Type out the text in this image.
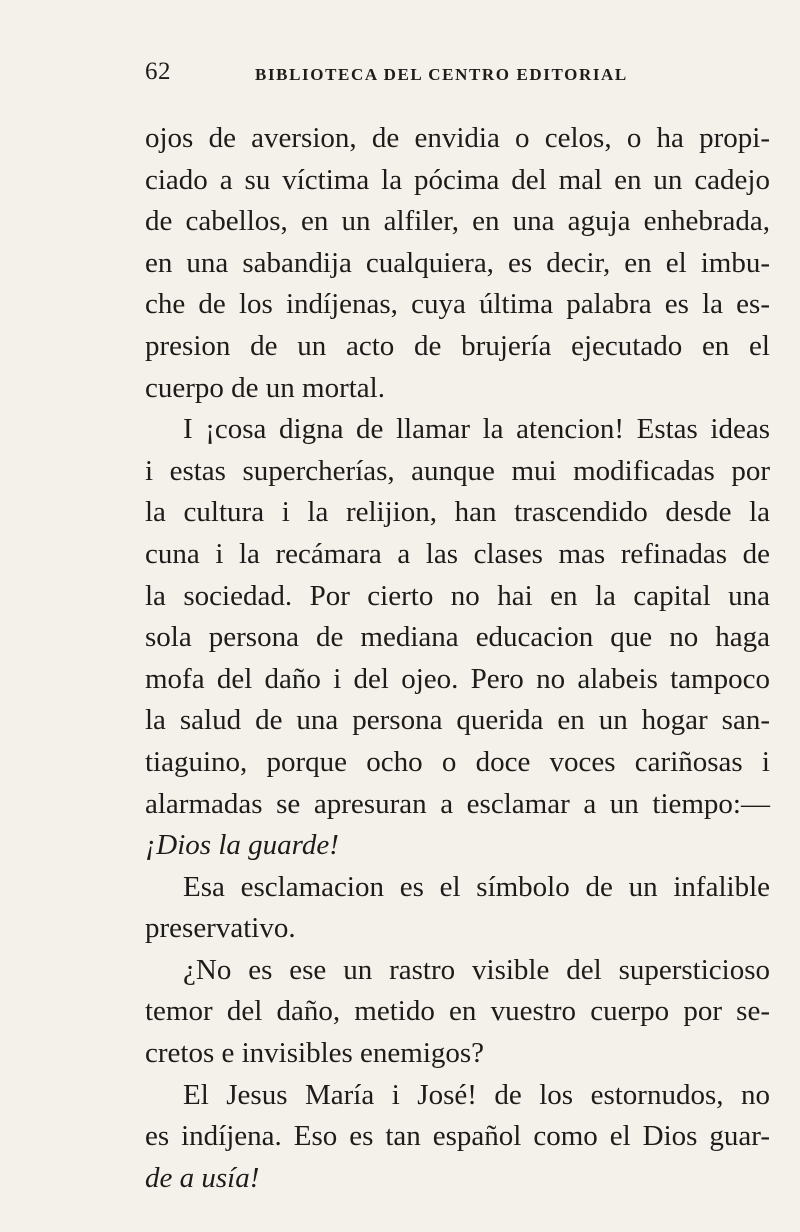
62	BIBLIOTECA DEL CENTRO EDITORIAL
ojos de aversion, de envidia o celos, o ha propi-
ciado a su víctima la pócima del mal en un cadejo
de cabellos, en un alfiler, en una aguja enhebrada,
en una sabandija cualquiera, es decir, en el imbu-
che de los indíjenas, cuya última palabra es la es-
presion de un acto de brujería ejecutado en el
cuerpo de un mortal.
I ¡cosa digna de llamar la atencion! Estas ideas
i estas supercherías, aunque mui modificadas por
la cultura i la relijion, han trascendido desde la
cuna i la recámara a las clases mas refinadas de
la sociedad. Por cierto no hai en la capital una
sola persona de mediana educacion que no haga
mofa del daño i del ojeo. Pero no alabeis tampoco
la salud de una persona querida en un hogar san-
tiaguino, porque ocho o doce voces cariñosas i
alarmadas se apresuran a esclamar a un tiempo:—
¡Dios la guarde!
Esa esclamacion es el símbolo de un infalible
preservativo.
¿No es ese un rastro visible del supersticioso
temor del daño, metido en vuestro cuerpo por se-
cretos e invisibles enemigos?
El Jesus María i José! de los estornudos, no
es indíjena. Eso es tan español como el Dios guar-
de a usía!
